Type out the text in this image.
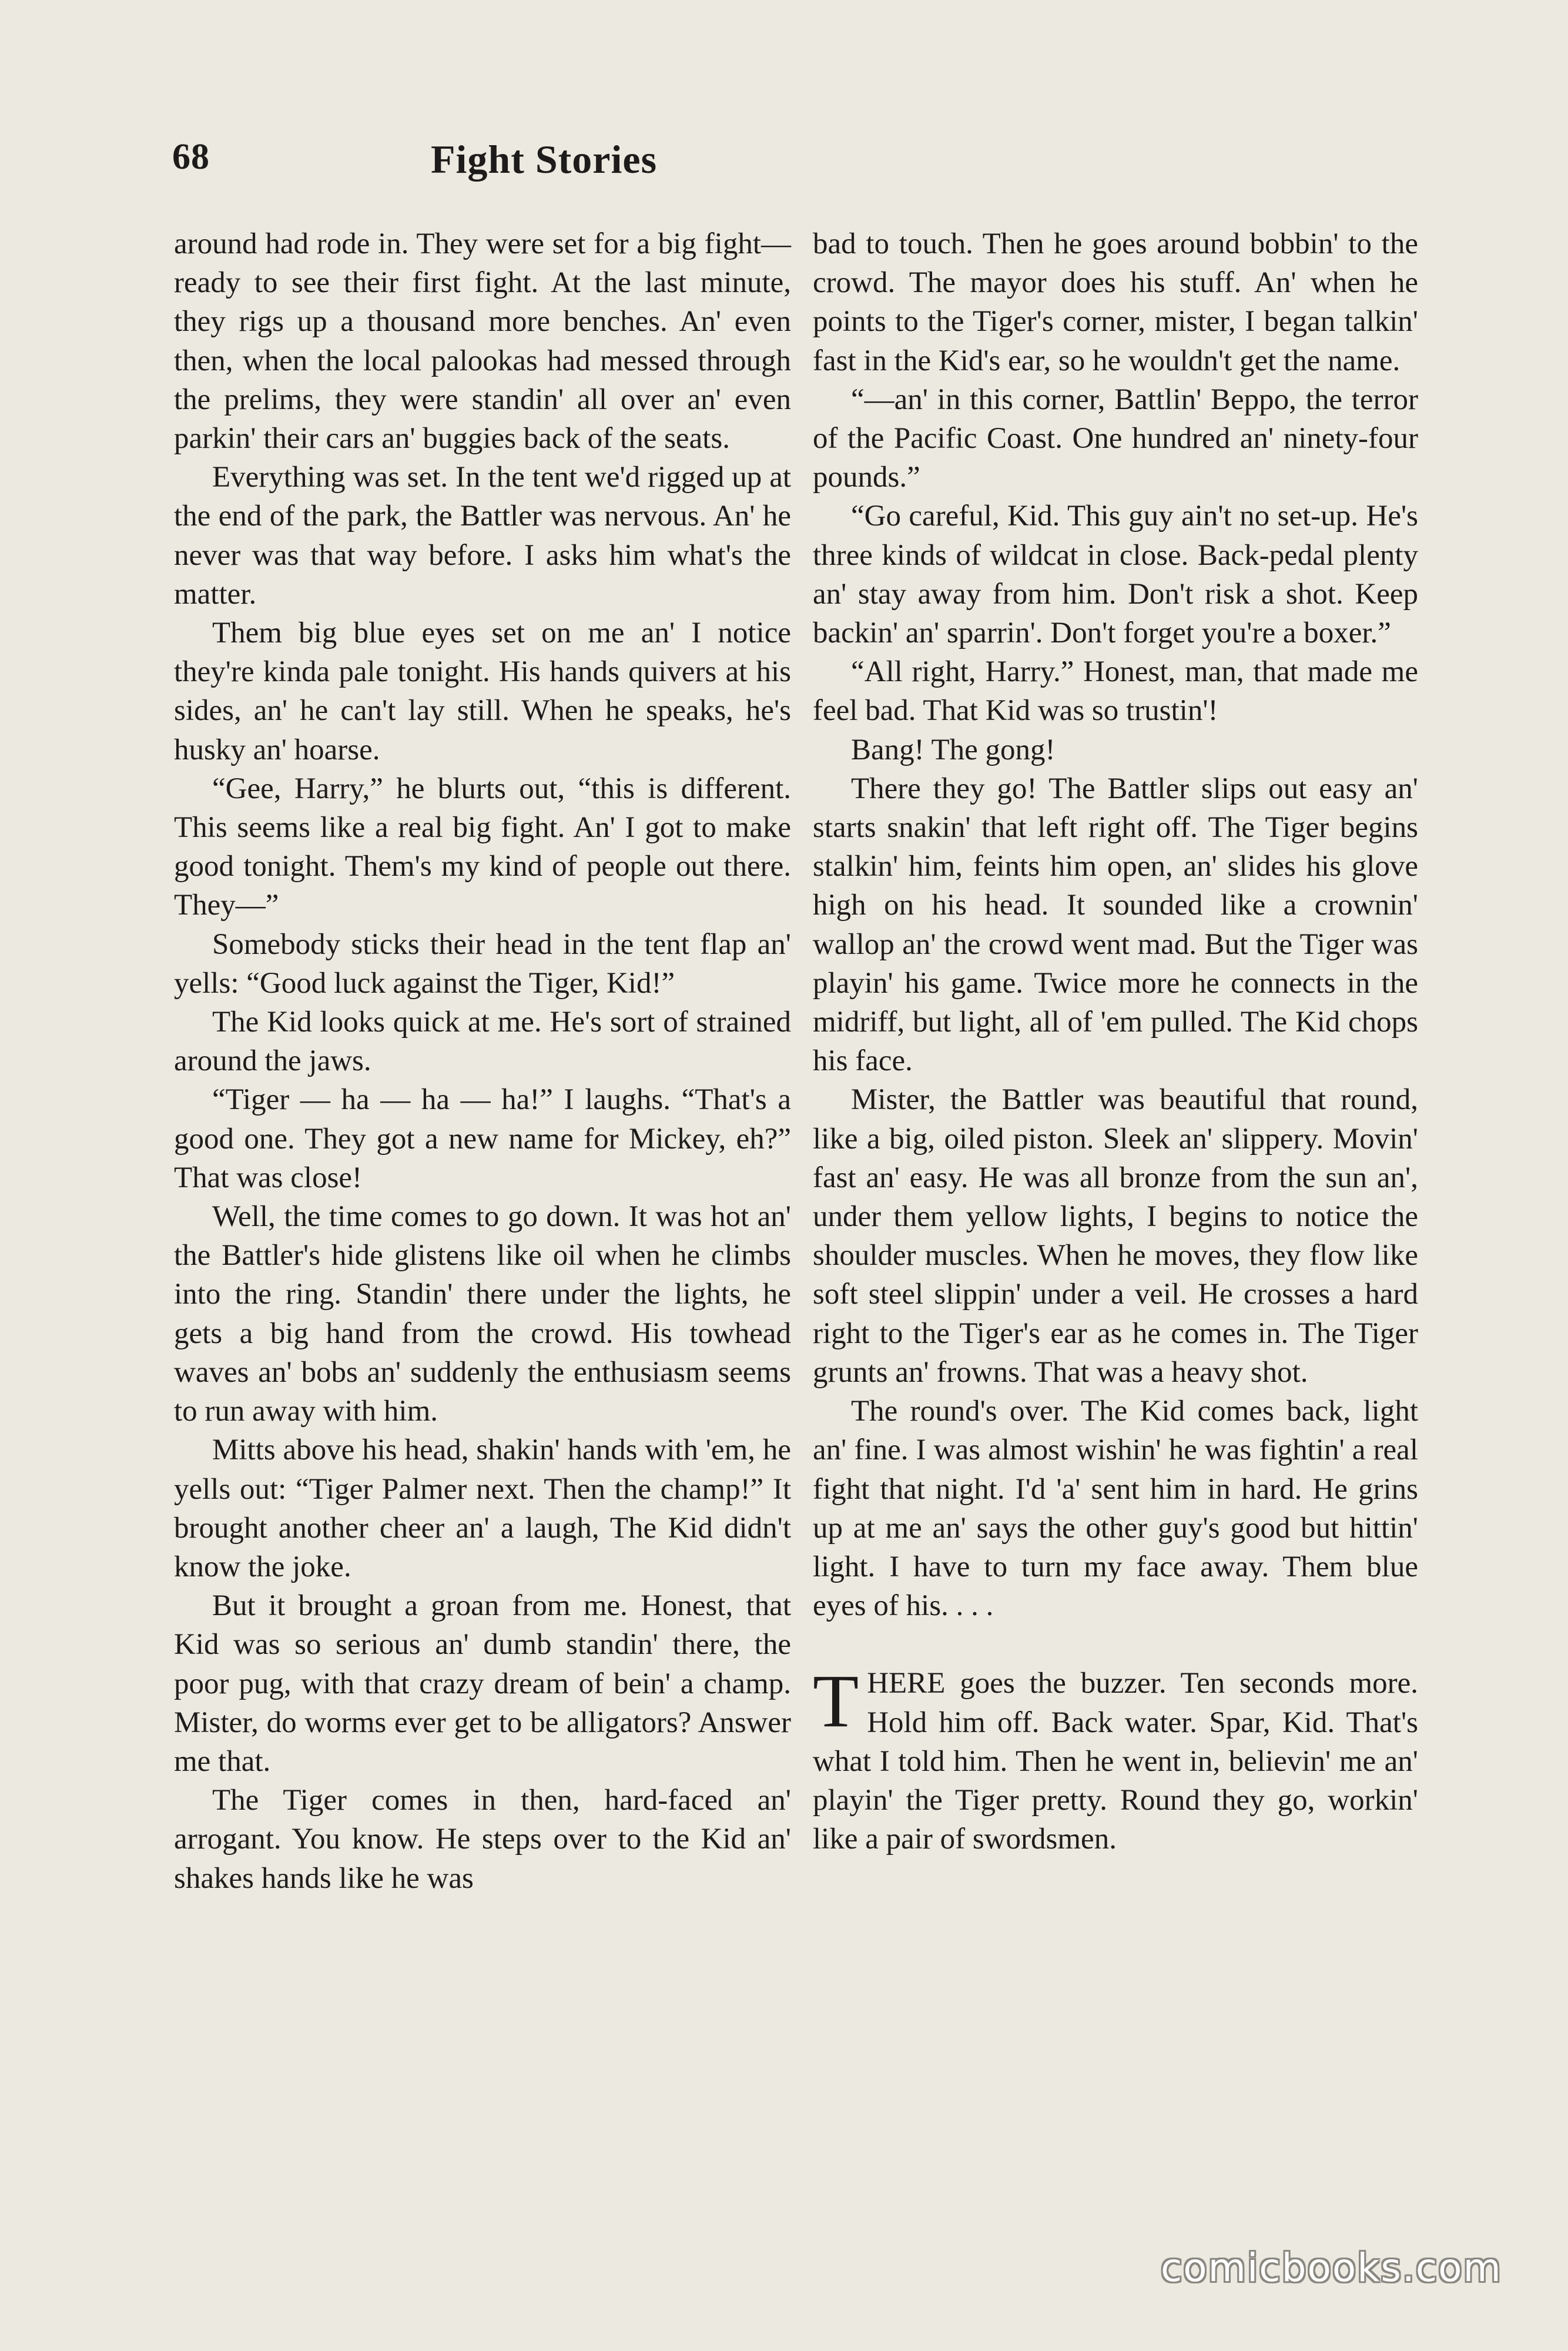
68	Fight Stories

around had rode in. They were set for a big fight—ready to see their first fight. At the last minute, they rigs up a thousand more benches. An' even then, when the local palookas had messed through the prelims, they were standin' all over an' even parkin' their cars an' buggies back of the seats.

Everything was set. In the tent we'd rigged up at the end of the park, the Battler was nervous. An' he never was that way before. I asks him what's the matter.

Them big blue eyes set on me an' I notice they're kinda pale tonight. His hands quivers at his sides, an' he can't lay still. When he speaks, he's husky an' hoarse.

“Gee, Harry,” he blurts out, “this is different. This seems like a real big fight. An' I got to make good tonight. Them's my kind of people out there. They—”

Somebody sticks their head in the tent flap an' yells: “Good luck against the Tiger, Kid!”

The Kid looks quick at me. He's sort of strained around the jaws.

“Tiger — ha — ha — ha!” I laughs. “That's a good one. They got a new name for Mickey, eh?” That was close!

Well, the time comes to go down. It was hot an' the Battler's hide glistens like oil when he climbs into the ring. Standin' there under the lights, he gets a big hand from the crowd. His towhead waves an' bobs an' suddenly the enthusiasm seems to run away with him.

Mitts above his head, shakin' hands with 'em, he yells out: “Tiger Palmer next. Then the champ!” It brought another cheer an' a laugh, The Kid didn't know the joke.

But it brought a groan from me. Honest, that Kid was so serious an' dumb standin' there, the poor pug, with that crazy dream of bein' a champ. Mister, do worms ever get to be alligators? Answer me that.

The Tiger comes in then, hard-faced an' arrogant. You know. He steps over to the Kid an' shakes hands like he was

bad to touch. Then he goes around bobbin' to the crowd. The mayor does his stuff. An' when he points to the Tiger's corner, mister, I began talkin' fast in the Kid's ear, so he wouldn't get the name.

“—an' in this corner, Battlin' Beppo, the terror of the Pacific Coast. One hundred an' ninety-four pounds.”

“Go careful, Kid. This guy ain't no set-up. He's three kinds of wildcat in close. Back-pedal plenty an' stay away from him. Don't risk a shot. Keep backin' an' sparrin'. Don't forget you're a boxer.”

“All right, Harry.” Honest, man, that made me feel bad. That Kid was so trustin'!

Bang! The gong!

There they go! The Battler slips out easy an' starts snakin' that left right off. The Tiger begins stalkin' him, feints him open, an' slides his glove high on his head. It sounded like a crownin' wallop an' the crowd went mad. But the Tiger was playin' his game. Twice more he connects in the midriff, but light, all of 'em pulled. The Kid chops his face.

Mister, the Battler was beautiful that round, like a big, oiled piston. Sleek an' slippery. Movin' fast an' easy. He was all bronze from the sun an', under them yellow lights, I begins to notice the shoulder muscles. When he moves, they flow like soft steel slippin' under a veil. He crosses a hard right to the Tiger's ear as he comes in. The Tiger grunts an' frowns. That was a heavy shot.

The round's over. The Kid comes back, light an' fine. I was almost wishin' he was fightin' a real fight that night. I'd 'a' sent him in hard. He grins up at me an' says the other guy's good but hittin' light. I have to turn my face away. Them blue eyes of his. . . .

THERE goes the buzzer. Ten seconds more. Hold him off. Back water. Spar, Kid. That's what I told him. Then he went in, believin' me an' playin' the Tiger pretty. Round they go, workin' like a pair of swordsmen.

comicbooks.com
